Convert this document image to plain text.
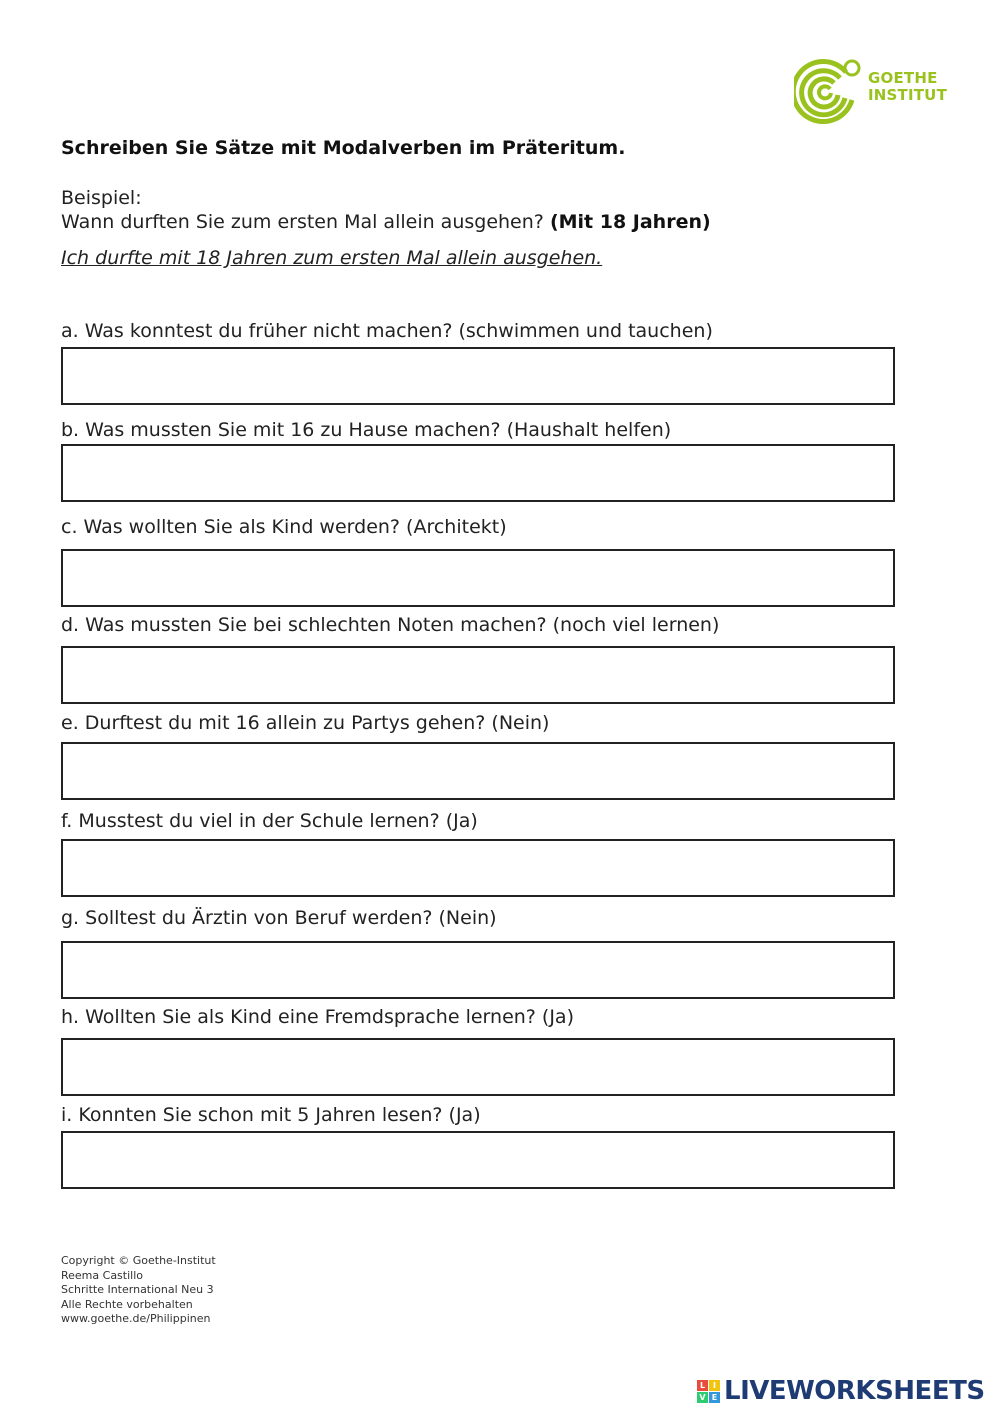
GOETHE
INSTITUT
Schreiben Sie Sätze mit Modalverben im Präteritum.
Beispiel:
Wann durften Sie zum ersten Mal allein ausgehen? (Mit 18 Jahren)
Ich durfte mit 18 Jahren zum ersten Mal allein ausgehen.
a. Was konntest du früher nicht machen? (schwimmen und tauchen)
b. Was mussten Sie mit 16 zu Hause machen? (Haushalt helfen)
c. Was wollten Sie als Kind werden? (Architekt)
d. Was mussten Sie bei schlechten Noten machen? (noch viel lernen)
e. Durftest du mit 16 allein zu Partys gehen? (Nein)
f. Musstest du viel in der Schule lernen? (Ja)
g. Solltest du Ärztin von Beruf werden? (Nein)
h. Wollten Sie als Kind eine Fremdsprache lernen? (Ja)
i. Konnten Sie schon mit 5 Jahren lesen? (Ja)
Copyright © Goethe-Institut
Reema Castillo
Schritte International Neu 3
Alle Rechte vorbehalten
www.goethe.de/Philippinen
L I
V E LIVEWORKSHEETS
